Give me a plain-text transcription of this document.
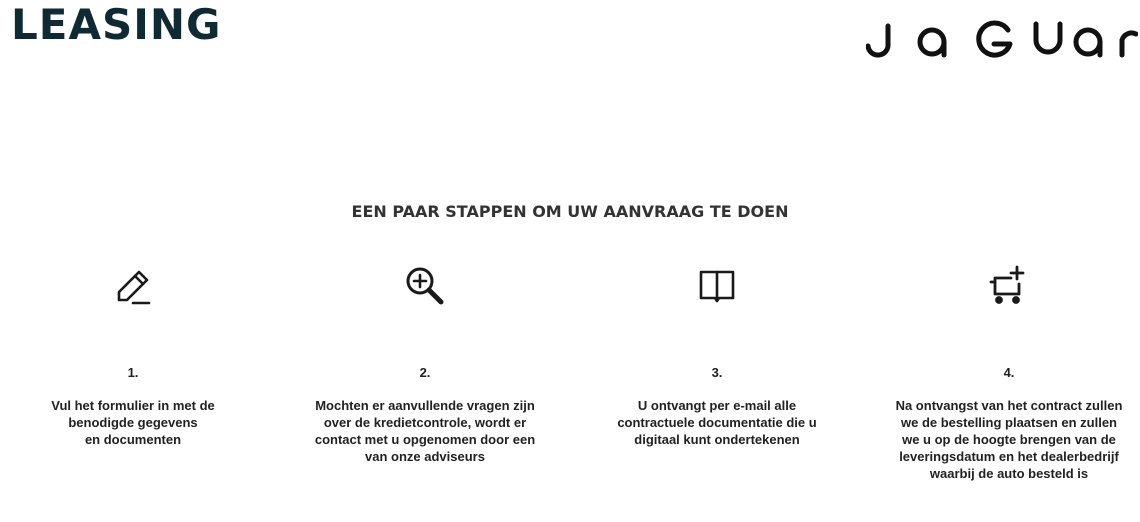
LEASING
EEN PAAR STAPPEN OM UW AANVRAAG TE DOEN
1.
Vul het formulier in met de
benodigde gegevens
en documenten
2.
Mochten er aanvullende vragen zijn
over de kredietcontrole, wordt er
contact met u opgenomen door een
van onze adviseurs
3.
U ontvangt per e-mail alle
contractuele documentatie die u
digitaal kunt ondertekenen
4.
Na ontvangst van het contract zullen
we de bestelling plaatsen en zullen
we u op de hoogte brengen van de
leveringsdatum en het dealerbedrijf
waarbij de auto besteld is
